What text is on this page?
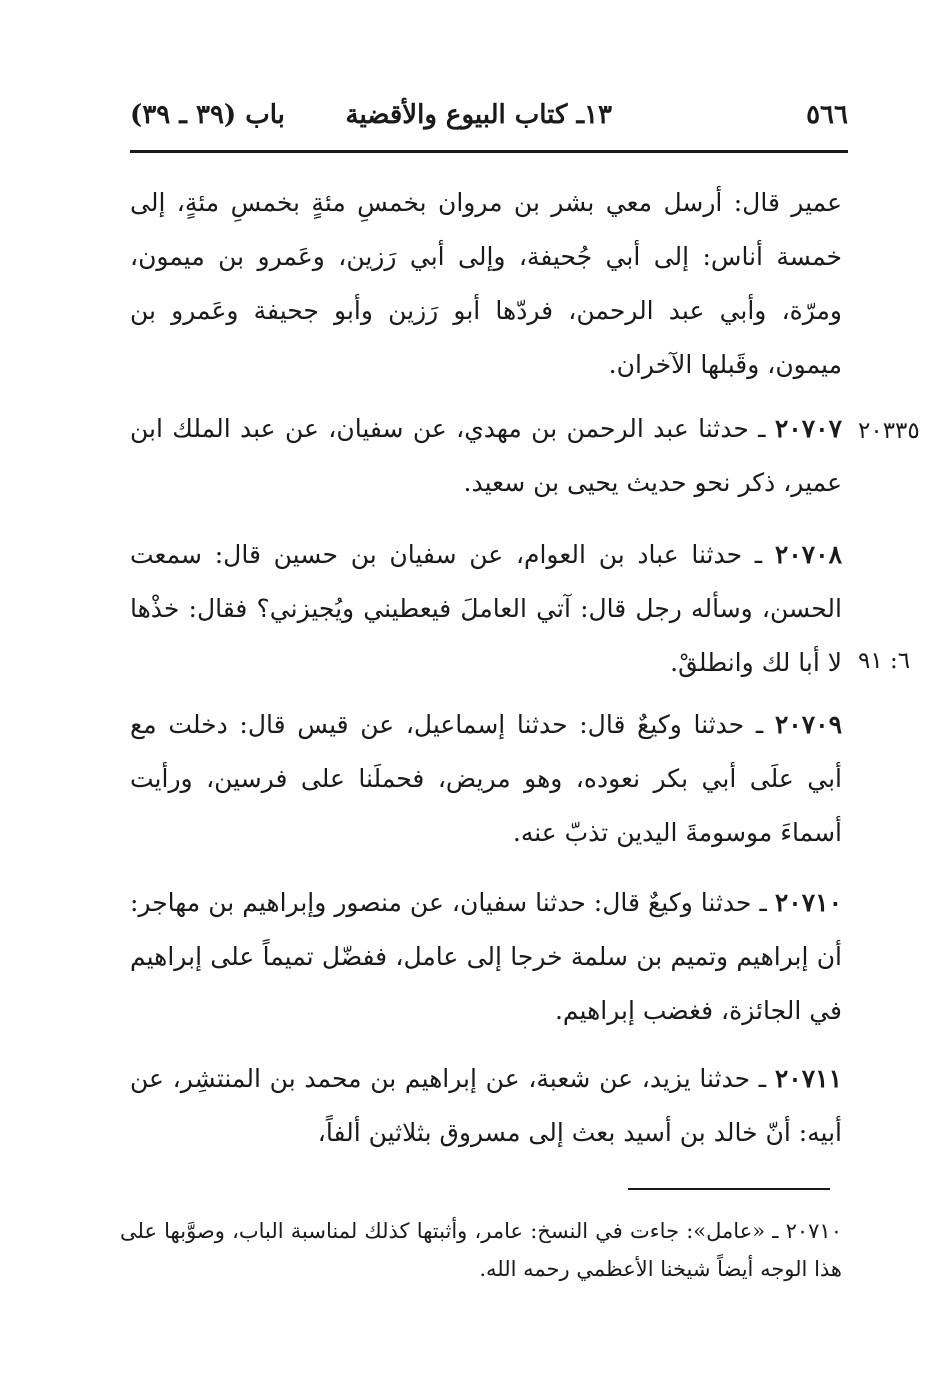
٥٦٦
١٣ـ كتاب البيوع والأقضية
باب (٣٩ ـ ٣٩)

عمير قال: أرسل معي بشر بن مروان بخمسِ مئةٍ بخمسِ مئةٍ، إلى خمسة أناس: إلى أبي جُحيفة، وإلى أبي رَزين، وعَمرو بن ميمون، ومرّة، وأبي عبد الرحمن، فردّها أبو رَزين وأبو جحيفة وعَمرو بن ميمون، وقَبلها الآخران.

٢٠٧٠٧ ـ حدثنا عبد الرحمن بن مهدي، عن سفيان، عن عبد الملك ابن عمير، ذكر نحو حديث يحيى بن سعيد.

٢٠٧٠٨ ـ حدثنا عباد بن العوام، عن سفيان بن حسين قال: سمعت الحسن، وسأله رجل قال: آتي العاملَ فيعطيني ويُجيزني؟ فقال: خذْها لا أبا لك وانطلقْ.

٢٠٧٠٩ ـ حدثنا وكيعٌ قال: حدثنا إسماعيل، عن قيس قال: دخلت مع أبي علَى أبي بكر نعوده، وهو مريض، فحملَنا على فرسين، ورأيت أسماءَ موسومةَ اليدين تذبّ عنه.

٢٠٧١٠ ـ حدثنا وكيعٌ قال: حدثنا سفيان، عن منصور وإبراهيم بن مهاجر: أن إبراهيم وتميم بن سلمة خرجا إلى عامل، ففضّل تميماً على إبراهيم في الجائزة، فغضب إبراهيم.

٢٠٧١١ ـ حدثنا يزيد، عن شعبة، عن إبراهيم بن محمد بن المنتشِر، عن أبيه: أنّ خالد بن أسيد بعث إلى مسروق بثلاثين ألفاً،

٢٠٣٣٥
٦: ٩١

٢٠٧١٠ ـ «عامل»: جاءت في النسخ: عامر، وأثبتها كذلك لمناسبة الباب، وصوَّبها على هذا الوجه أيضاً شيخنا الأعظمي رحمه الله.
